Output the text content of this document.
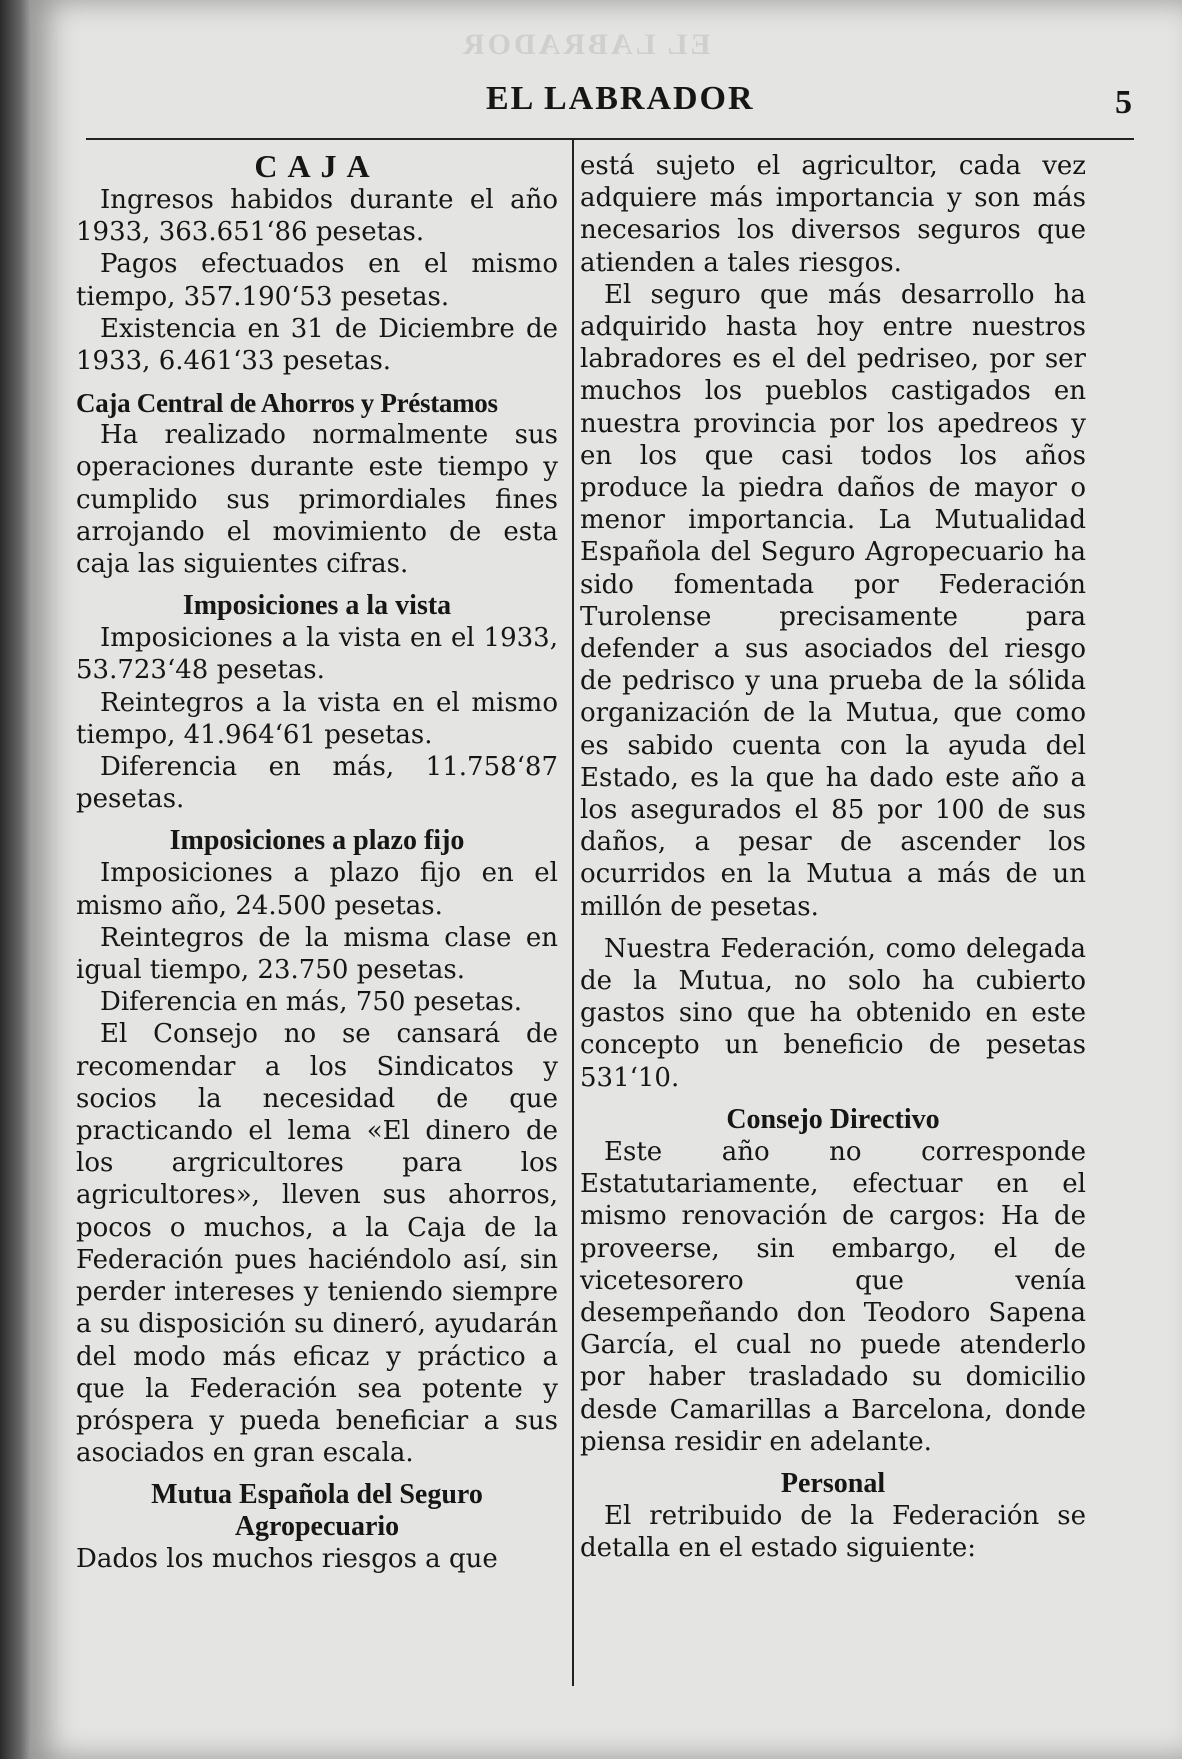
EL LABRADOR
EL LABRADOR	5
CAJA

Ingresos habidos durante el año 1933, 363.651‘86 pesetas.

Pagos efectuados en el mismo tiempo, 357.190‘53 pesetas.

Existencia en 31 de Diciembre de 1933, 6.461‘33 pesetas.

Caja Central de Ahorros y Préstamos

Ha realizado normalmente sus operaciones durante este tiempo y cumplido sus primordiales fines arrojando el movimiento de esta caja las siguientes cifras.

Imposiciones a la vista

Imposiciones a la vista en el 1933, 53.723‘48 pesetas.

Reintegros a la vista en el mismo tiempo, 41.964‘61 pesetas.

Diferencia en más, 11.758‘87 pesetas.

Imposiciones a plazo fijo

Imposiciones a plazo fijo en el mismo año, 24.500 pesetas.

Reintegros de la misma clase en igual tiempo, 23.750 pesetas.

Diferencia en más, 750 pesetas.

El Consejo no se cansará de recomendar a los Sindicatos y socios la necesidad de que practicando el lema «El dinero de los argricultores para los agricultores», lleven sus ahorros, pocos o muchos, a la Caja de la Federación pues haciéndolo así, sin perder intereses y teniendo siempre a su disposición su dineró, ayudarán del modo más eficaz y práctico a que la Federación sea potente y próspera y pueda beneficiar a sus asociados en gran escala.

Mutua Española del Seguro
Agropecuario

Dados los muchos riesgos a que

está sujeto el agricultor, cada vez adquiere más importancia y son más necesarios los diversos seguros que atienden a tales riesgos.

El seguro que más desarrollo ha adquirido hasta hoy entre nuestros labradores es el del pedriseo, por ser muchos los pueblos castigados en nuestra provincia por los apedreos y en los que casi todos los años produce la piedra daños de mayor o menor importancia. La Mutualidad Española del Seguro Agropecuario ha sido fomentada por Federación Turolense precisamente para defender a sus asociados del riesgo de pedrisco y una prueba de la sólida organización de la Mutua, que como es sabido cuenta con la ayuda del Estado, es la que ha dado este año a los asegurados el 85 por 100 de sus daños, a pesar de ascender los ocurridos en la Mutua a más de un millón de pesetas.

Nuestra Federación, como delegada de la Mutua, no solo ha cubierto gastos sino que ha obtenido en este concepto un beneficio de pesetas 531‘10.

Consejo Directivo

Este año no corresponde Estatutariamente, efectuar en el mismo renovación de cargos: Ha de proveerse, sin embargo, el de vicetesorero que venía desempeñando don Teodoro Sapena García, el cual no puede atenderlo por haber trasladado su domicilio desde Camarillas a Barcelona, donde piensa residir en adelante.

Personal

El retribuido de la Federación se detalla en el estado siguiente:
